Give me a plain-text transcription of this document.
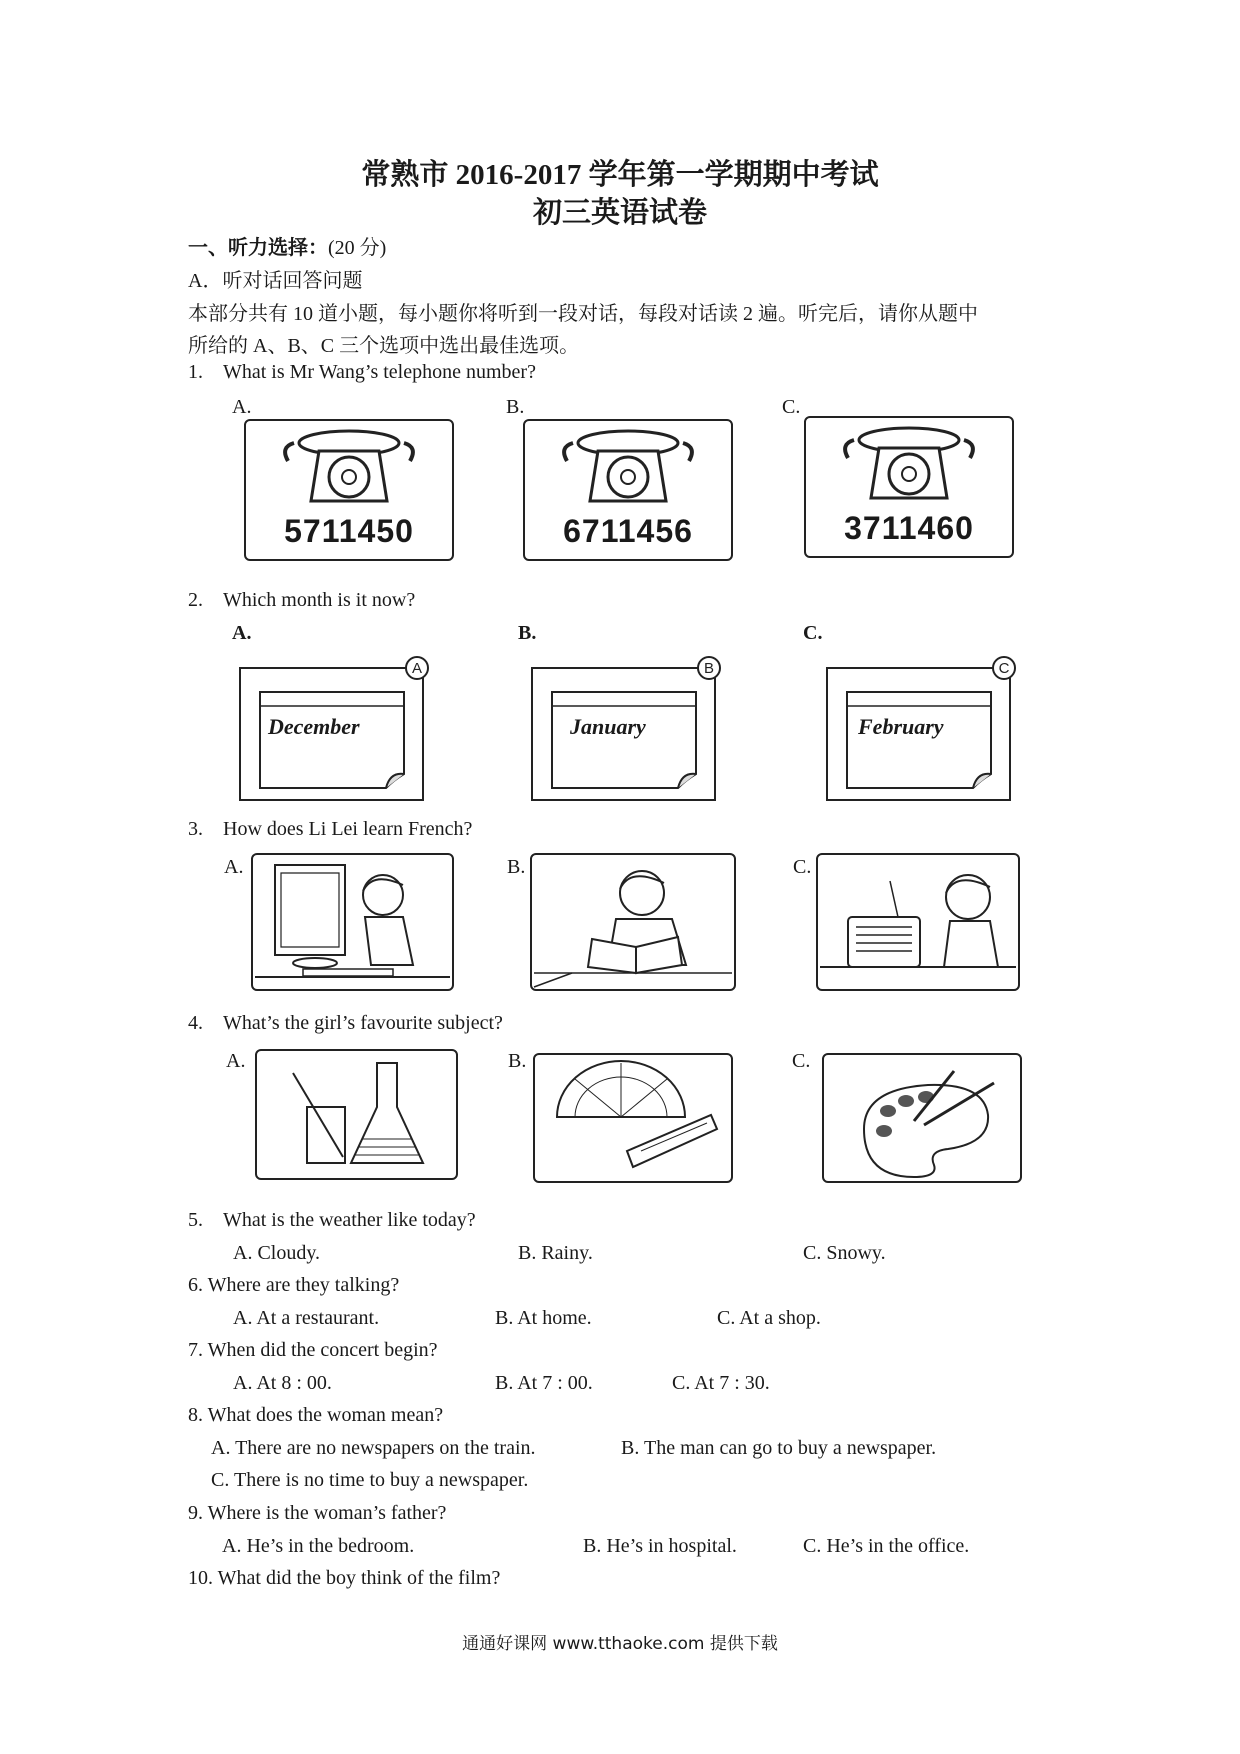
常熟市 2016-2017 学年第一学期期中考试
初三英语试卷
一、听力选择：(20 分)
A．听对话回答问题
本部分共有 10 道小题，每小题你将听到一段对话，每段对话读 2 遍。听完后，请你从题中
所给的 A、B、C 三个选项中选出最佳选项。
1. What is Mr Wang’s telephone number?
A.	B.	C.
5711450	6711456	3711460
2. Which month is it now?
A.	B.	C.
A
December
B
January
C
February
3. How does Li Lei learn French?
A.	B.	C.
4. What’s the girl’s favourite subject?
A.	B.	C.
5. What is the weather like today?
A. Cloudy.	B. Rainy.	C. Snowy.
6. Where are they talking?
A. At a restaurant.	B. At home.	C. At a shop.
7. When did the concert begin?
A. At 8 : 00.	B. At 7 : 00.	C. At 7 : 30.
8. What does the woman mean?
A. There are no newspapers on the train.	B. The man can go to buy a newspaper.
C. There is no time to buy a newspaper.
9. Where is the woman’s father?
A. He’s in the bedroom.	B. He’s in hospital.	C. He’s in the office.
10. What did the boy think of the film?
通通好课网 www.tthaoke.com 提供下载
